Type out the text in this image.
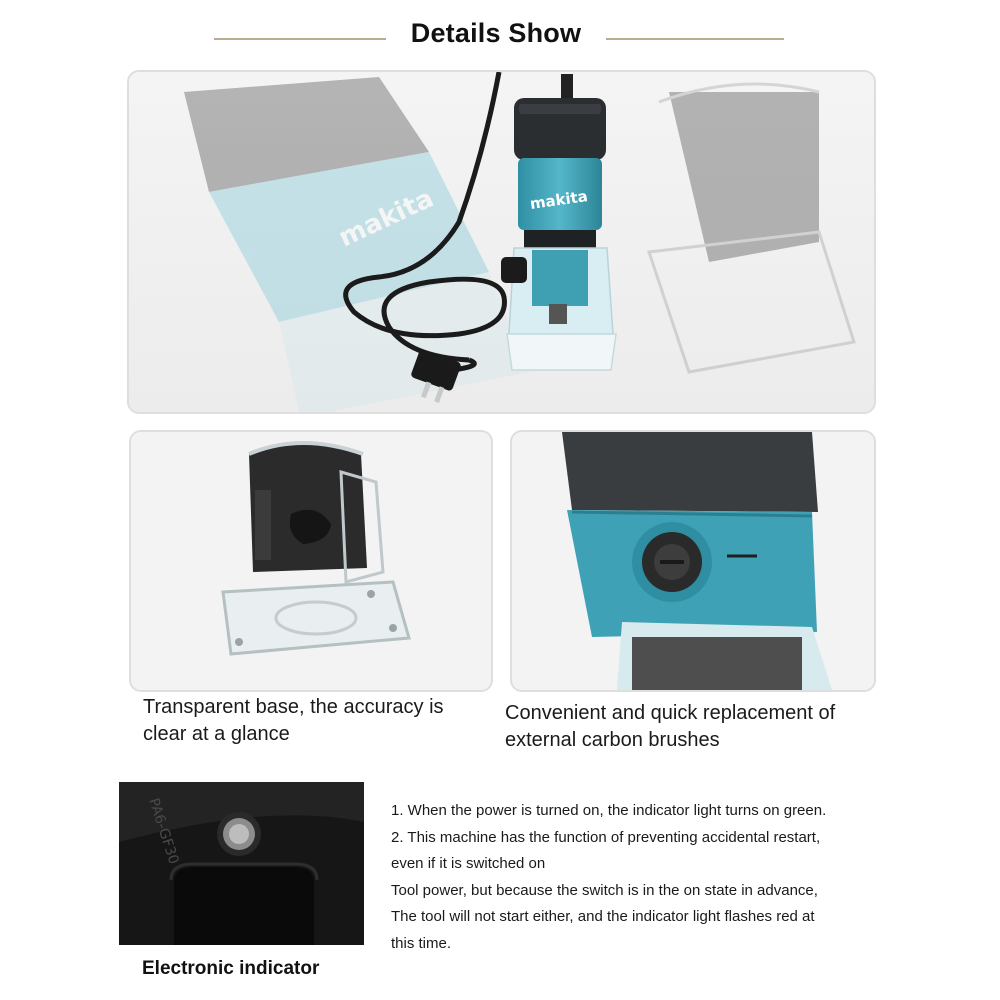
Details Show
makita	makita
Transparent base, the accuracy is
clear at a glance
Convenient and quick replacement of
external carbon brushes
PA6-GF30	1. When the power is turned on, the indicator light turns on green.
2. This machine has the function of preventing accidental restart,
even if it is switched on
Tool power, but because the switch is in the on state in advance,
The tool will not start either, and the indicator light flashes red at
this time.
Electronic indicator
